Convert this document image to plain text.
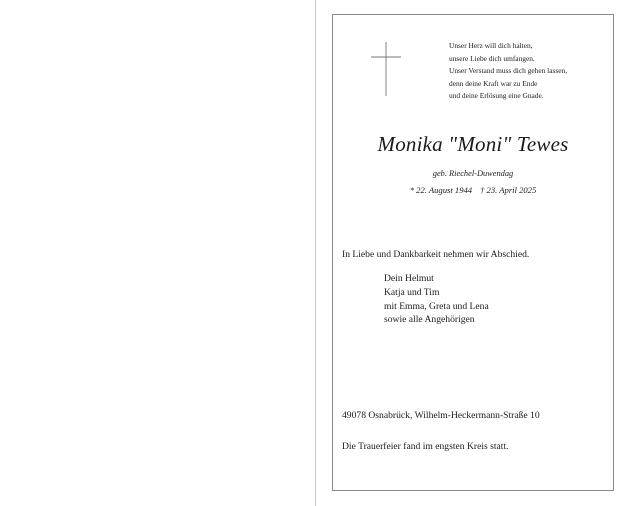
Unser Herz will dich halten,
unsere Liebe dich umfangen.
Unser Verstand muss dich gehen lassen,
denn deine Kraft war zu Ende
und deine Erlösung eine Gnade.
Monika "Moni" Tewes
geb. Riechel-Duwendag
* 22. August 1944 † 23. April 2025
In Liebe und Dankbarkeit nehmen wir Abschied.
Dein Helmut
Katja und Tim
mit Emma, Greta und Lena
sowie alle Angehörigen
49078 Osnabrück, Wilhelm-Heckermann-Straße 10
Die Trauerfeier fand im engsten Kreis statt.
